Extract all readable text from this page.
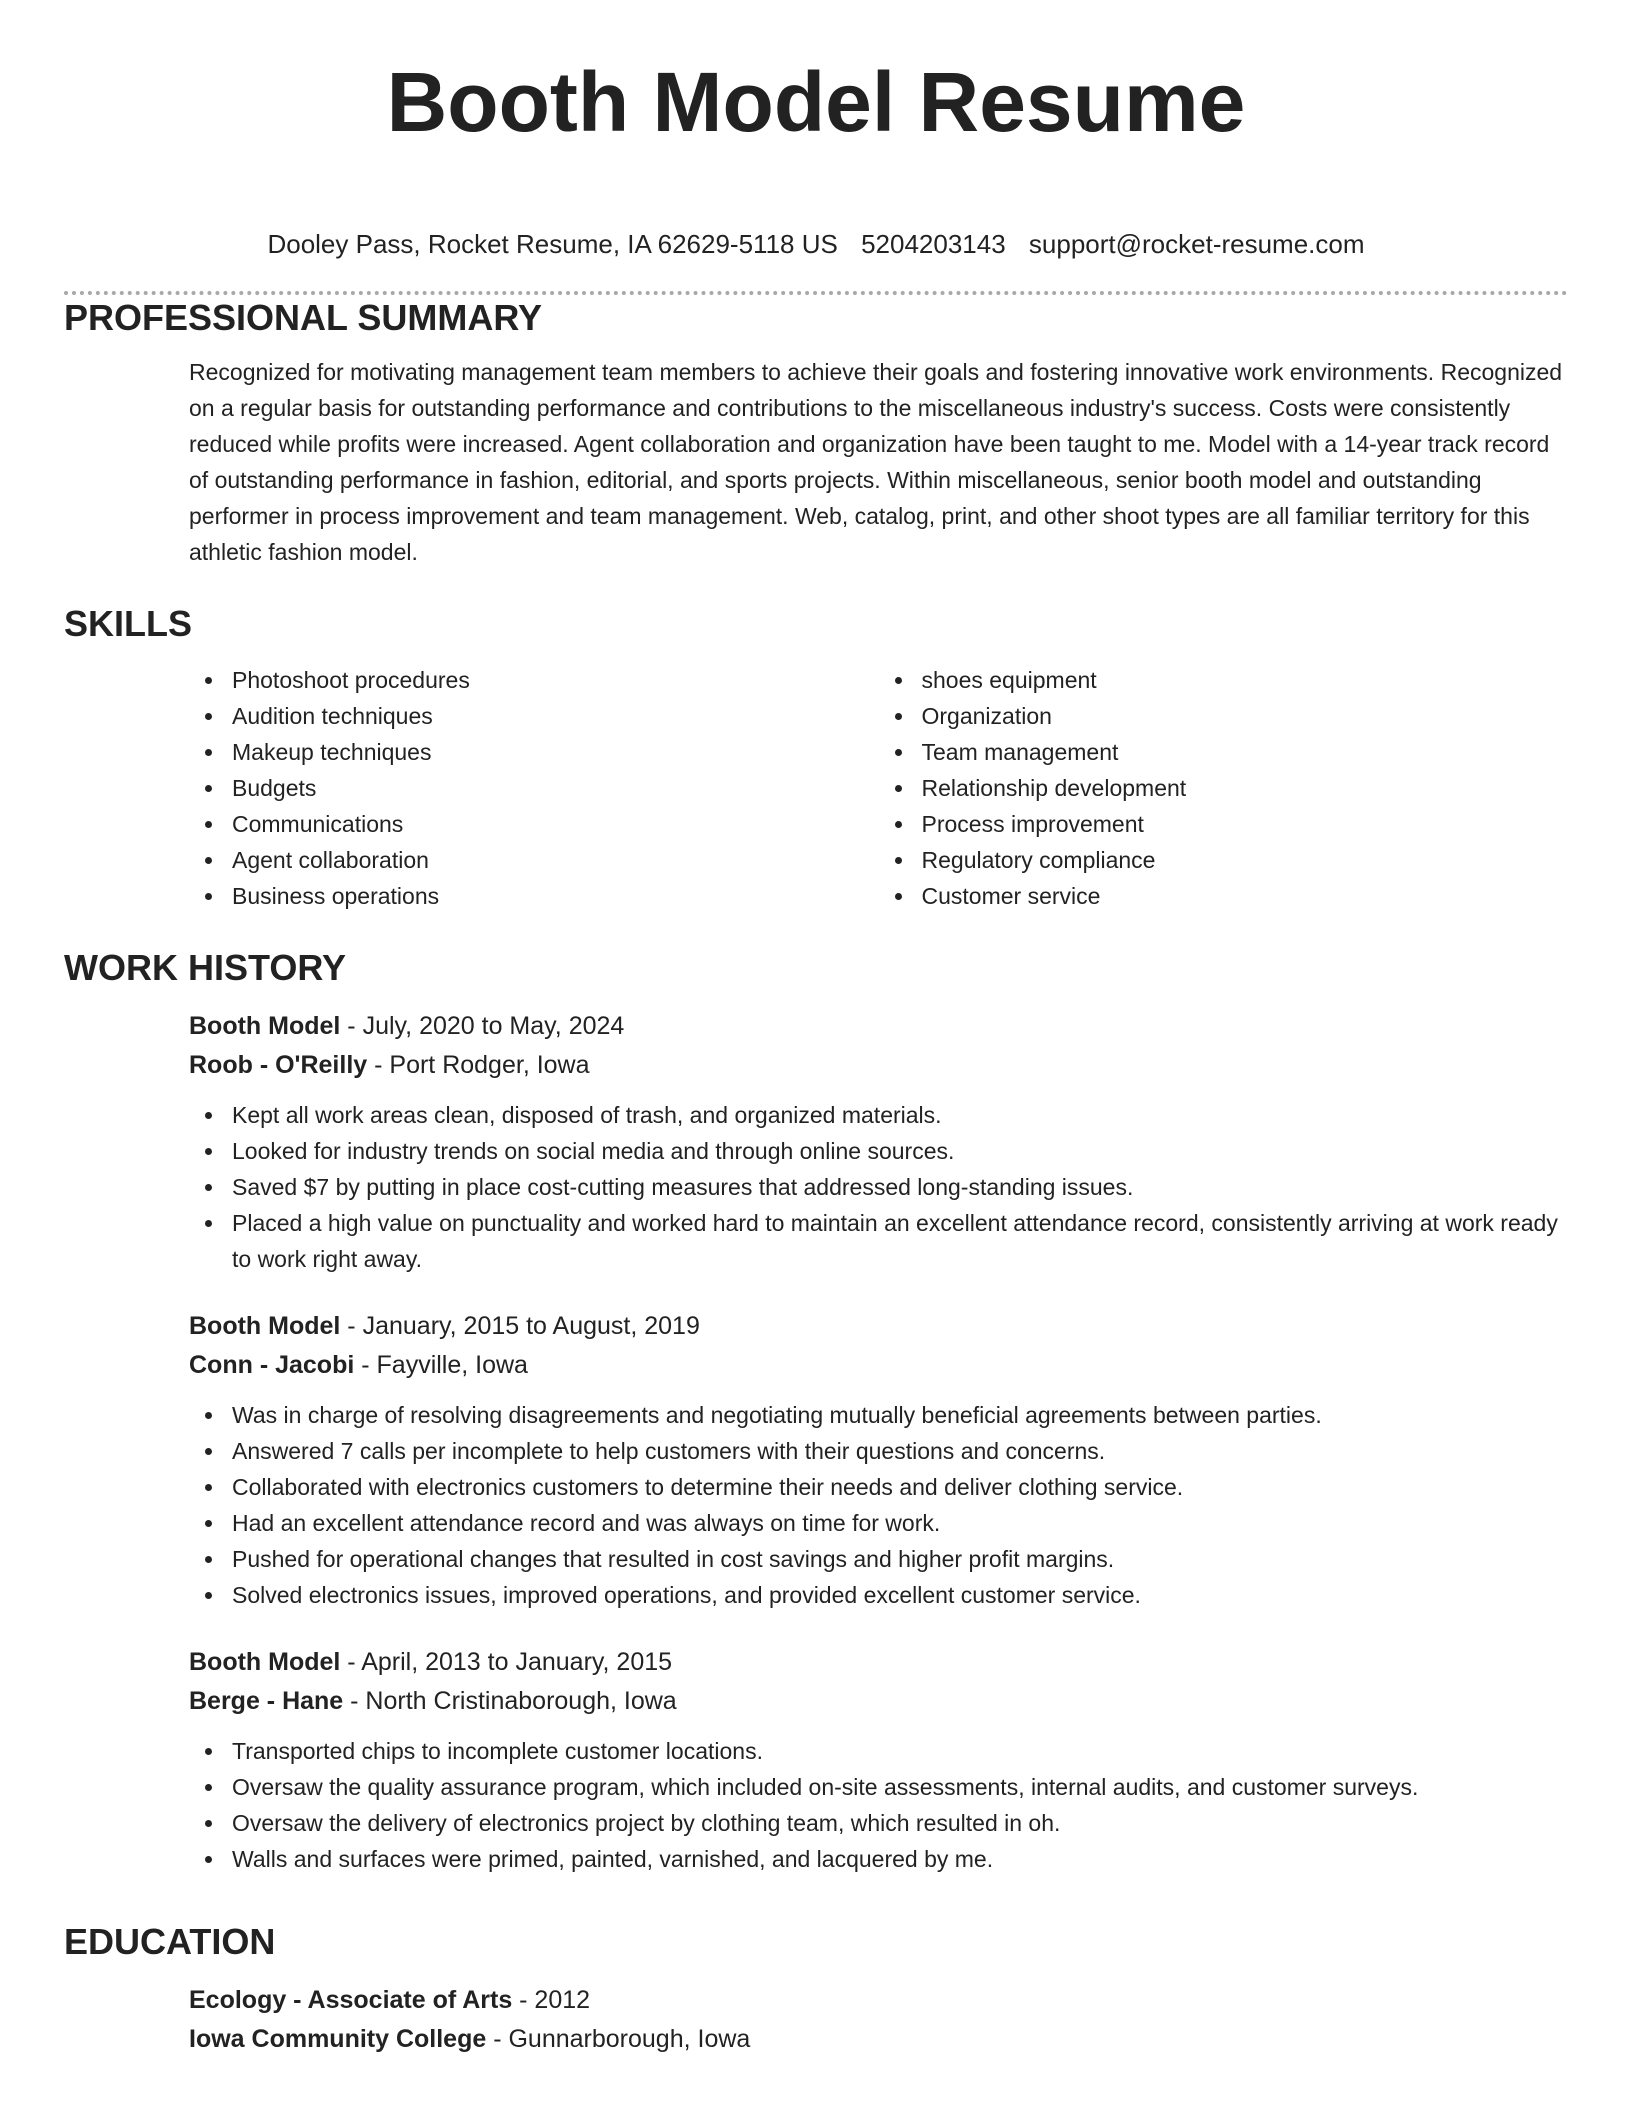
Booth Model Resume
Dooley Pass, Rocket Resume, IA 62629-5118 US 5204203143 support@rocket-resume.com
PROFESSIONAL SUMMARY

Recognized for motivating management team members to achieve their goals and fostering innovative work environments. Recognized on a regular basis for outstanding performance and contributions to the miscellaneous industry's success. Costs were consistently reduced while profits were increased. Agent collaboration and organization have been taught to me. Model with a 14-year track record of outstanding performance in fashion, editorial, and sports projects. Within miscellaneous, senior booth model and outstanding performer in process improvement and team management. Web, catalog, print, and other shoot types are all familiar territory for this athletic fashion model.

SKILLS
Photoshoot procedures
Audition techniques
Makeup techniques
Budgets
Communications
Agent collaboration
Business operations
shoes equipment
Organization
Team management
Relationship development
Process improvement
Regulatory compliance
Customer service
WORK HISTORY
Booth Model - July, 2020 to May, 2024
Roob - O'Reilly - Port Rodger, Iowa
Kept all work areas clean, disposed of trash, and organized materials.
Looked for industry trends on social media and through online sources.
Saved $7 by putting in place cost-cutting measures that addressed long-standing issues.
Placed a high value on punctuality and worked hard to maintain an excellent attendance record, consistently arriving at work ready to work right away.
Booth Model - January, 2015 to August, 2019
Conn - Jacobi - Fayville, Iowa
Was in charge of resolving disagreements and negotiating mutually beneficial agreements between parties.
Answered 7 calls per incomplete to help customers with their questions and concerns.
Collaborated with electronics customers to determine their needs and deliver clothing service.
Had an excellent attendance record and was always on time for work.
Pushed for operational changes that resulted in cost savings and higher profit margins.
Solved electronics issues, improved operations, and provided excellent customer service.
Booth Model - April, 2013 to January, 2015
Berge - Hane - North Cristinaborough, Iowa
Transported chips to incomplete customer locations.
Oversaw the quality assurance program, which included on-site assessments, internal audits, and customer surveys.
Oversaw the delivery of electronics project by clothing team, which resulted in oh.
Walls and surfaces were primed, painted, varnished, and lacquered by me.
EDUCATION
Ecology - Associate of Arts - 2012
Iowa Community College - Gunnarborough, Iowa
